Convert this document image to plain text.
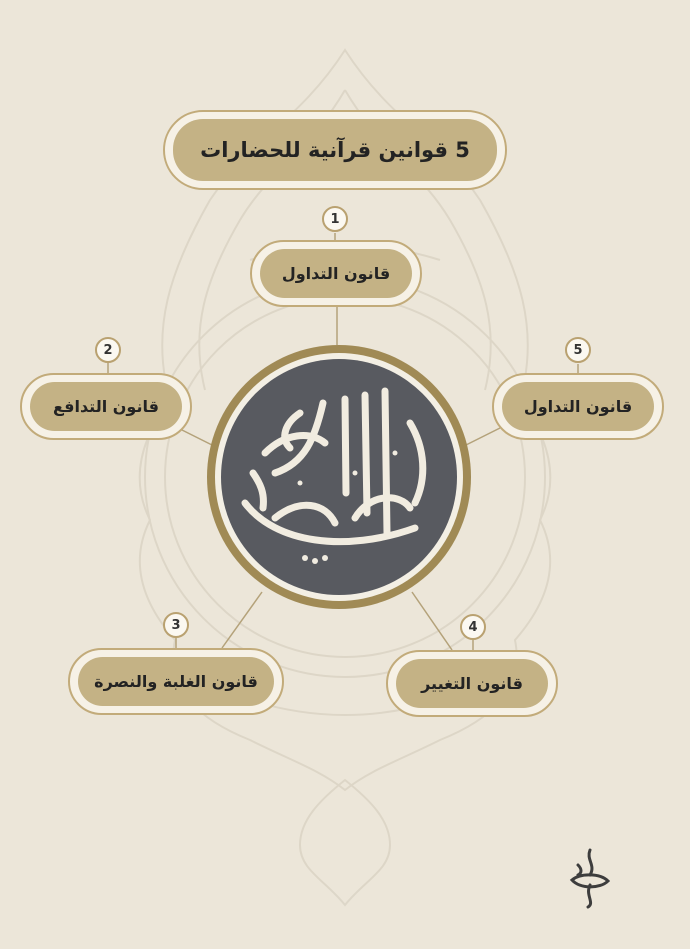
5 قوانين قرآنية للحضارات
1
قانون التداول
2
قانون التدافع
5
قانون التداول
3
قانون الغلبة والنصرة
4
قانون التغيير
